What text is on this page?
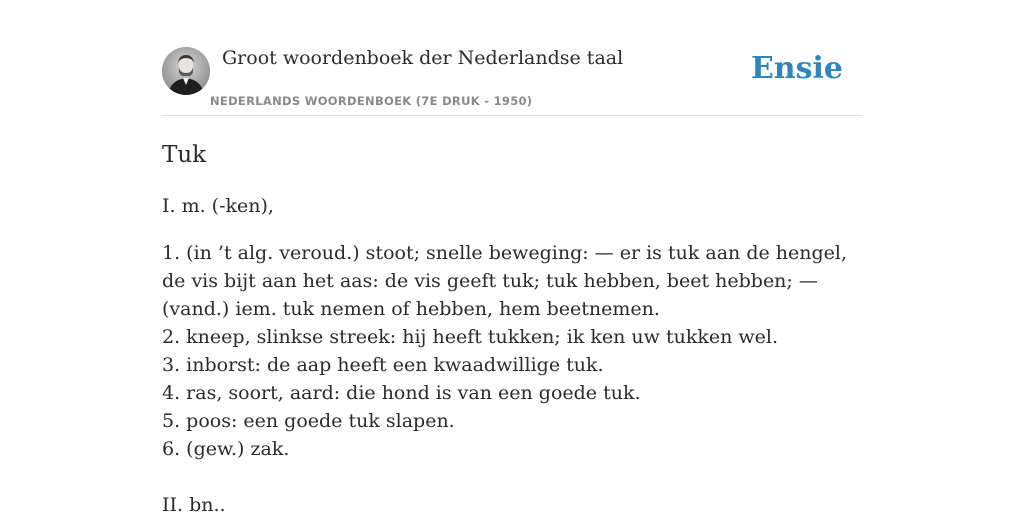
Groot woordenboek der Nederlandse taal
NEDERLANDS WOORDENBOEK (7E DRUK - 1950)
Ensie
Tuk
I. m. (-ken),
1. (in ’t alg. veroud.) stoot; snelle beweging: — er is tuk aan de hengel, de vis bijt aan het aas: de vis geeft tuk; tuk hebben, beet hebben; — (vand.) iem. tuk nemen of hebben, hem beetnemen.
2. kneep, slinkse streek: hij heeft tukken; ik ken uw tukken wel.
3. inborst: de aap heeft een kwaadwillige tuk.
4. ras, soort, aard: die hond is van een goede tuk.
5. poos: een goede tuk slapen.
6. (gew.) zak.
II. bn..
